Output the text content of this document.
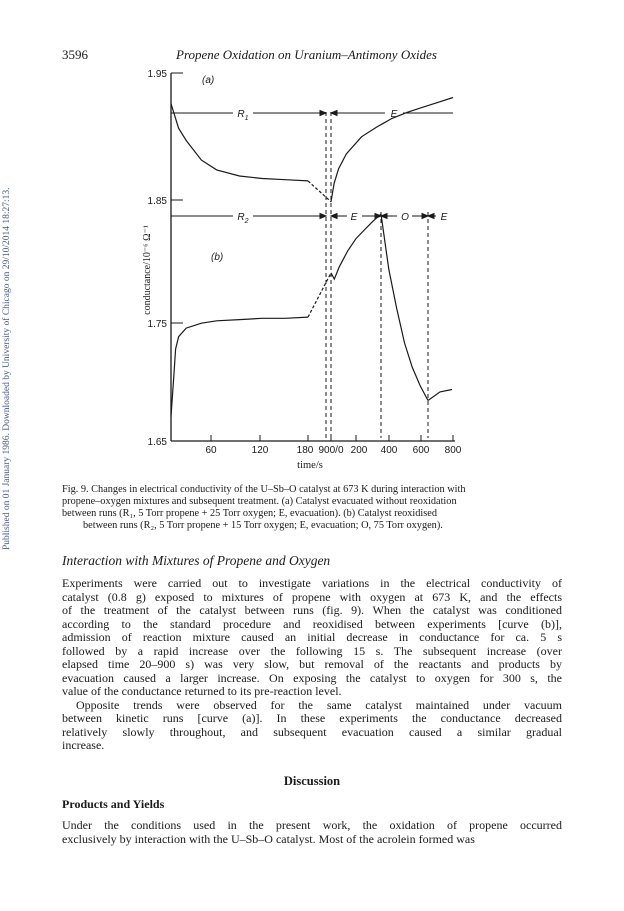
Published on 01 January 1986. Downloaded by University of Chicago on 29/10/2014 18:27:13.
3596	Propene Oxidation on Uranium–Antimony Oxides
1.95
1.85
1.75
1.65
60	120	180 900/0 200 400 600 800
time/s
conductance/10⁻⁶ Ω⁻¹
(a)
(b)
$R_1$	E
$R_2$	E	O	E
Fig. 9. Changes in electrical conductivity of the U–Sb–O catalyst at 673 K during interaction with
propene–oxygen mixtures and subsequent treatment. (a) Catalyst evacuated without reoxidation
between runs (R₁, 5 Torr propene + 25 Torr oxygen; E, evacuation). (b) Catalyst reoxidised
between runs (R₂, 5 Torr propene + 15 Torr oxygen; E, evacuation; O, 75 Torr oxygen).
Interaction with Mixtures of Propene and Oxygen
Experiments were carried out to investigate variations in the electrical conductivity of
catalyst (0.8 g) exposed to mixtures of propene with oxygen at 673 K, and the effects
of the treatment of the catalyst between runs (fig. 9). When the catalyst was conditioned
according to the standard procedure and reoxidised between experiments [curve (b)],
admission of reaction mixture caused an initial decrease in conductance for ca. 5 s
followed by a rapid increase over the following 15 s. The subsequent increase (over
elapsed time 20–900 s) was very slow, but removal of the reactants and products by
evacuation caused a larger increase. On exposing the catalyst to oxygen for 300 s, the
value of the conductance returned to its pre-reaction level.
Opposite trends were observed for the same catalyst maintained under vacuum
between kinetic runs [curve (a)]. In these experiments the conductance decreased
relatively slowly throughout, and subsequent evacuation caused a similar gradual
increase.
Discussion
Products and Yields
Under the conditions used in the present work, the oxidation of propene occurred
exclusively by interaction with the U–Sb–O catalyst. Most of the acrolein formed was
